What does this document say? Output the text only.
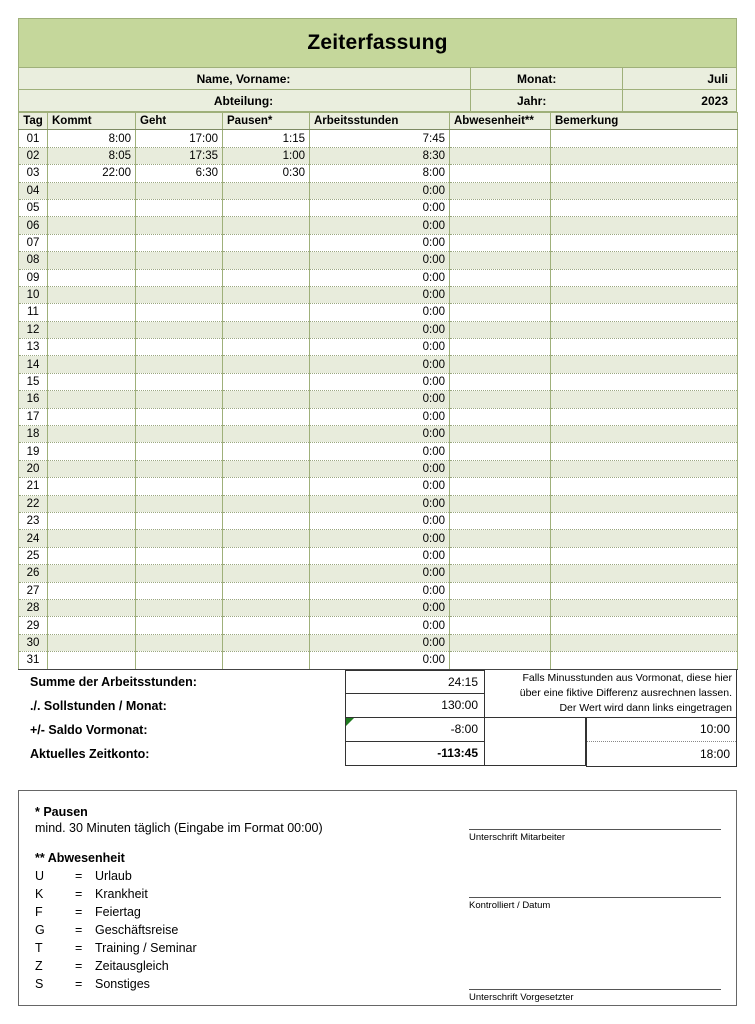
Zeiterfassung
Name, Vorname:	Monat:	Juli
Abteilung:	Jahr:	2023
Tag	Kommt	Geht	Pausen*	Arbeitsstunden	Abwesenheit**	Bemerkung
01	8:00	17:00	1:15	7:45		
02	8:05	17:35	1:00	8:30		
03	22:00	6:30	0:30	8:00		
04				0:00		
05				0:00		
06				0:00		
07				0:00		
08				0:00		
09				0:00		
10				0:00		
11				0:00		
12				0:00		
13				0:00		
14				0:00		
15				0:00		
16				0:00		
17				0:00		
18				0:00		
19				0:00		
20				0:00		
21				0:00		
22				0:00		
23				0:00		
24				0:00		
25				0:00		
26				0:00		
27				0:00		
28				0:00		
29				0:00		
30				0:00		
31				0:00		
Summe der Arbeitsstunden:	24:15
./. Sollstunden / Monat:	130:00
+/- Saldo Vormonat:	-8:00
Aktuelles Zeitkonto:	-113:45
Falls Minusstunden aus Vormonat, diese hier
über eine fiktive Differenz ausrechnen lassen.
Der Wert wird dann links eingetragen
10:00
18:00
* Pausen
mind. 30 Minuten täglich (Eingabe im Format 00:00)
** Abwesenheit
U	=	Urlaub
K	=	Krankheit
F	=	Feiertag
G	=	Geschäftsreise
T	=	Training / Seminar
Z	=	Zeitausgleich
S	=	Sonstiges
Unterschrift Mitarbeiter
Kontrolliert / Datum
Unterschrift Vorgesetzter
